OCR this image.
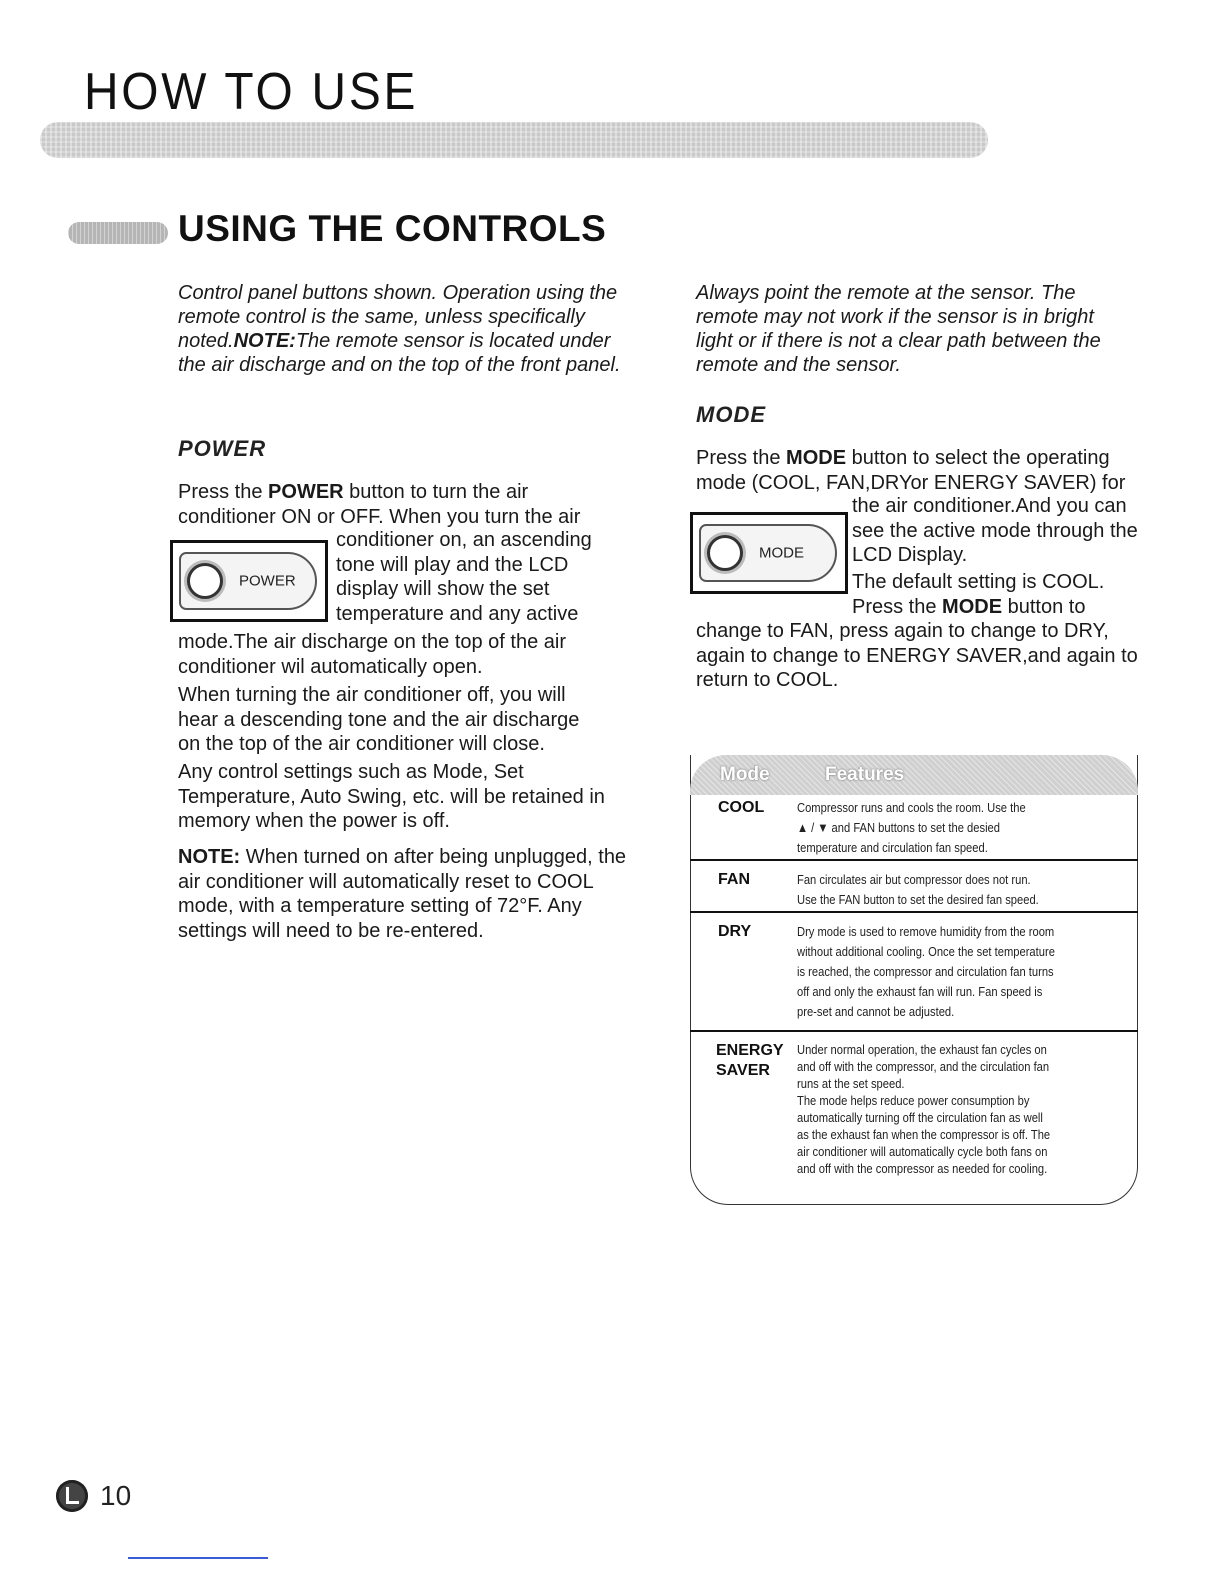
HOW TO USE
USING THE CONTROLS
Control panel buttons shown. Operation using the remote control is the same, unless specifically noted.NOTE:The remote sensor is located under the air discharge and on the top of the front panel.
POWER
Press the POWER button to turn the air conditioner ON or OFF. When you turn the air
POWER
conditioner on, an ascending tone will play and the LCD display will show the set temperature and any active
mode.The air discharge on the top of the air conditioner wil automatically open.
When turning the air conditioner off, you will hear a descending tone and the air discharge on the top of the air conditioner will close.
Any control settings such as Mode, Set Temperature, Auto Swing, etc. will be retained in memory when the power is off.
NOTE: When turned on after being unplugged, the air conditioner will automatically reset to COOL mode, with a temperature setting of 72°F. Any settings will need to be re-entered.
Always point the remote at the sensor. The remote may not work if the sensor is in bright light or if there is not a clear path between the remote and the sensor.
MODE
Press the MODE button to select the operating mode (COOL, FAN,DRYor ENERGY SAVER) for
MODE
the air conditioner.And you can see the active mode through the LCD Display.
The default setting is COOL.
Press the MODE button to
change to FAN, press again to change to DRY, again to change to ENERGY SAVER,and again to return to COOL.
Mode	Features
COOL	Compressor runs and cools the room. Use the
▲ / ▼ and FAN buttons to set the desied
temperature and circulation fan speed.
FAN	Fan circulates air but compressor does not run.
Use the FAN button to set the desired fan speed.
DRY	Dry mode is used to remove humidity from the room
without additional cooling. Once the set temperature
is reached, the compressor and circulation fan turns
off and only the exhaust fan will run. Fan speed is
pre-set and cannot be adjusted.
ENERGY
SAVER
Under normal operation, the exhaust fan cycles on
and off with the compressor, and the circulation fan
runs at the set speed.
The mode helps reduce power consumption by
automatically turning off the circulation fan as well
as the exhaust fan when the compressor is off. The
air conditioner will automatically cycle both fans on
and off with the compressor as needed for cooling.
10
